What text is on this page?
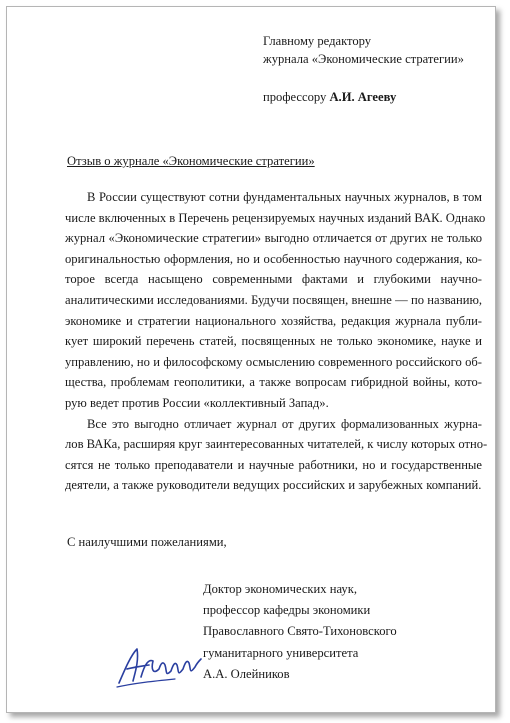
Главному редактору
журнала «Экономические стратегии»
профессору А.И. Агееву
Отзыв о журнале «Экономические стратегии»

В России существуют сотни фундаментальных научных журналов, в том
числе включенных в Перечень рецензируемых научных изданий ВАК. Однако
журнал «Экономические стратегии» выгодно отличается от других не только
оригинальностью оформления, но и особенностью научного содержания, ко-
торое всегда насыщено современными фактами и глубокими научно-
аналитическими исследованиями. Будучи посвящен, внешне — по названию,
экономике и стратегии национального хозяйства, редакция журнала публи-
кует широкий перечень статей, посвященных не только экономике, науке и
управлению, но и философскому осмыслению современного российского об-
щества, проблемам геополитики, а также вопросам гибридной войны, кото-
рую ведет против России «коллективный Запад».

Все это выгодно отличает журнал от других формализованных журна-
лов ВАКа, расширяя круг заинтересованных читателей, к числу которых отно-
сятся не только преподаватели и научные работники, но и государственные
деятели, а также руководители ведущих российских и зарубежных компаний.

С наилучшими пожеланиями,
Доктор экономических наук,
профессор кафедры экономики
Православного Свято-Тихоновского
гуманитарного университета
А.А. Олейников
